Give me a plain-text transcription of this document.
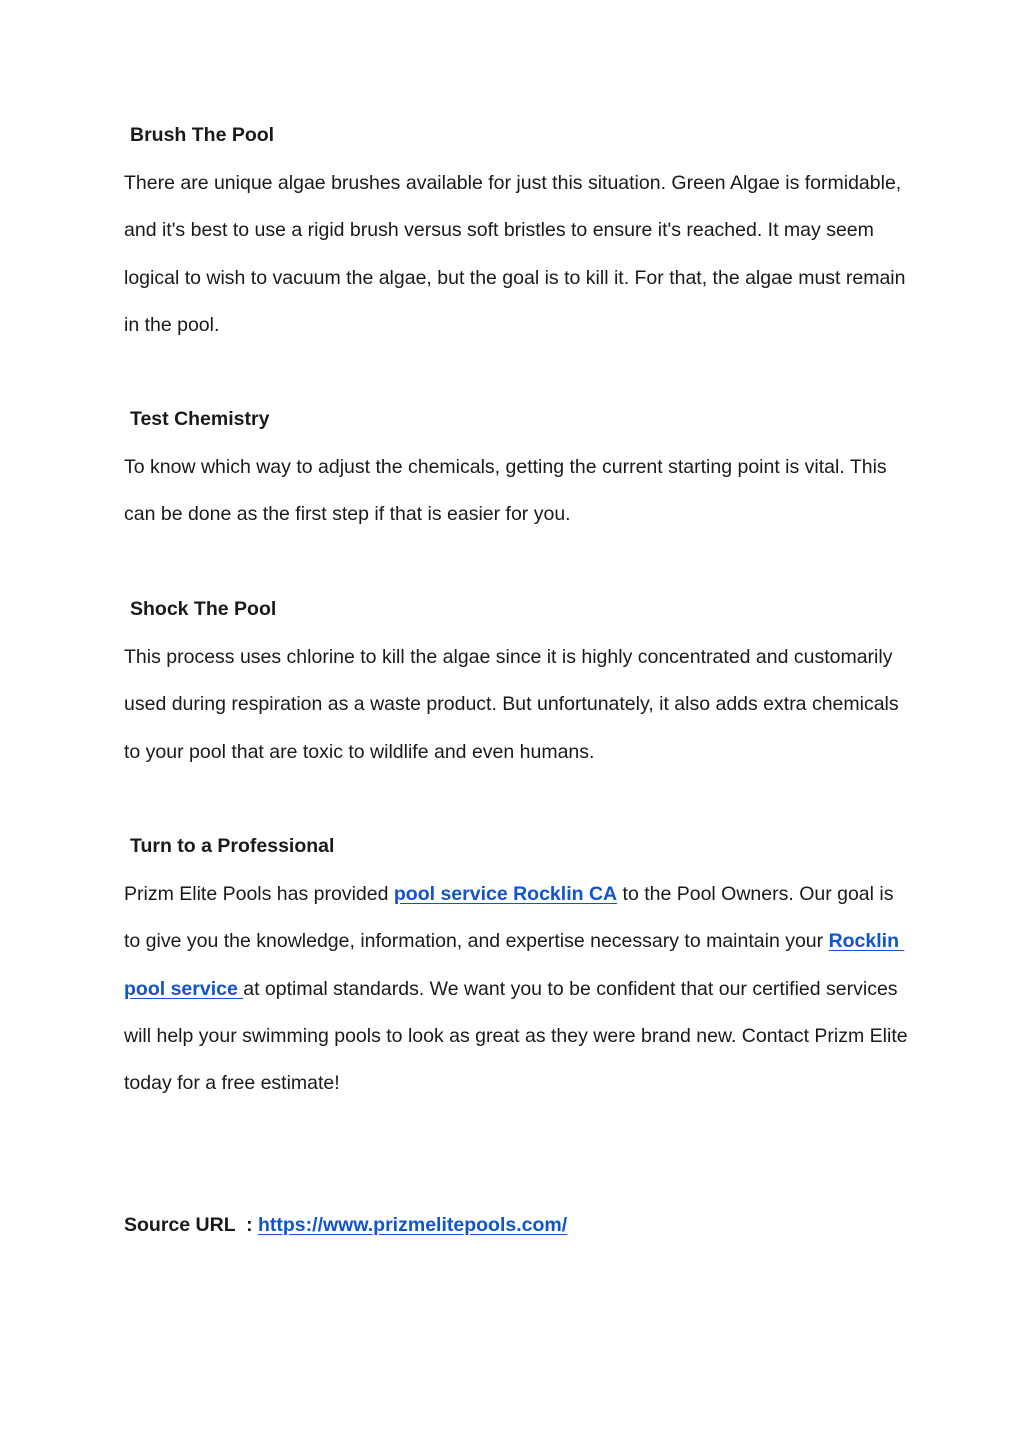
Brush The Pool

There are unique algae brushes available for just this situation. Green Algae is formidable, and it's best to use a rigid brush versus soft bristles to ensure it's reached. It may seem logical to wish to vacuum the algae, but the goal is to kill it. For that, the algae must remain in the pool.

Test Chemistry

To know which way to adjust the chemicals, getting the current starting point is vital. This can be done as the first step if that is easier for you.

Shock The Pool

This process uses chlorine to kill the algae since it is highly concentrated and customarily used during respiration as a waste product. But unfortunately, it also adds extra chemicals to your pool that are toxic to wildlife and even humans.

Turn to a Professional

Prizm Elite Pools has provided pool service Rocklin CA to the Pool Owners. Our goal is to give you the knowledge, information, and expertise necessary to maintain your Rocklin pool service at optimal standards. We want you to be confident that our certified services will help your swimming pools to look as great as they were brand new. Contact Prizm Elite today for a free estimate!

Source URL  : https://www.prizmelitepools.com/
